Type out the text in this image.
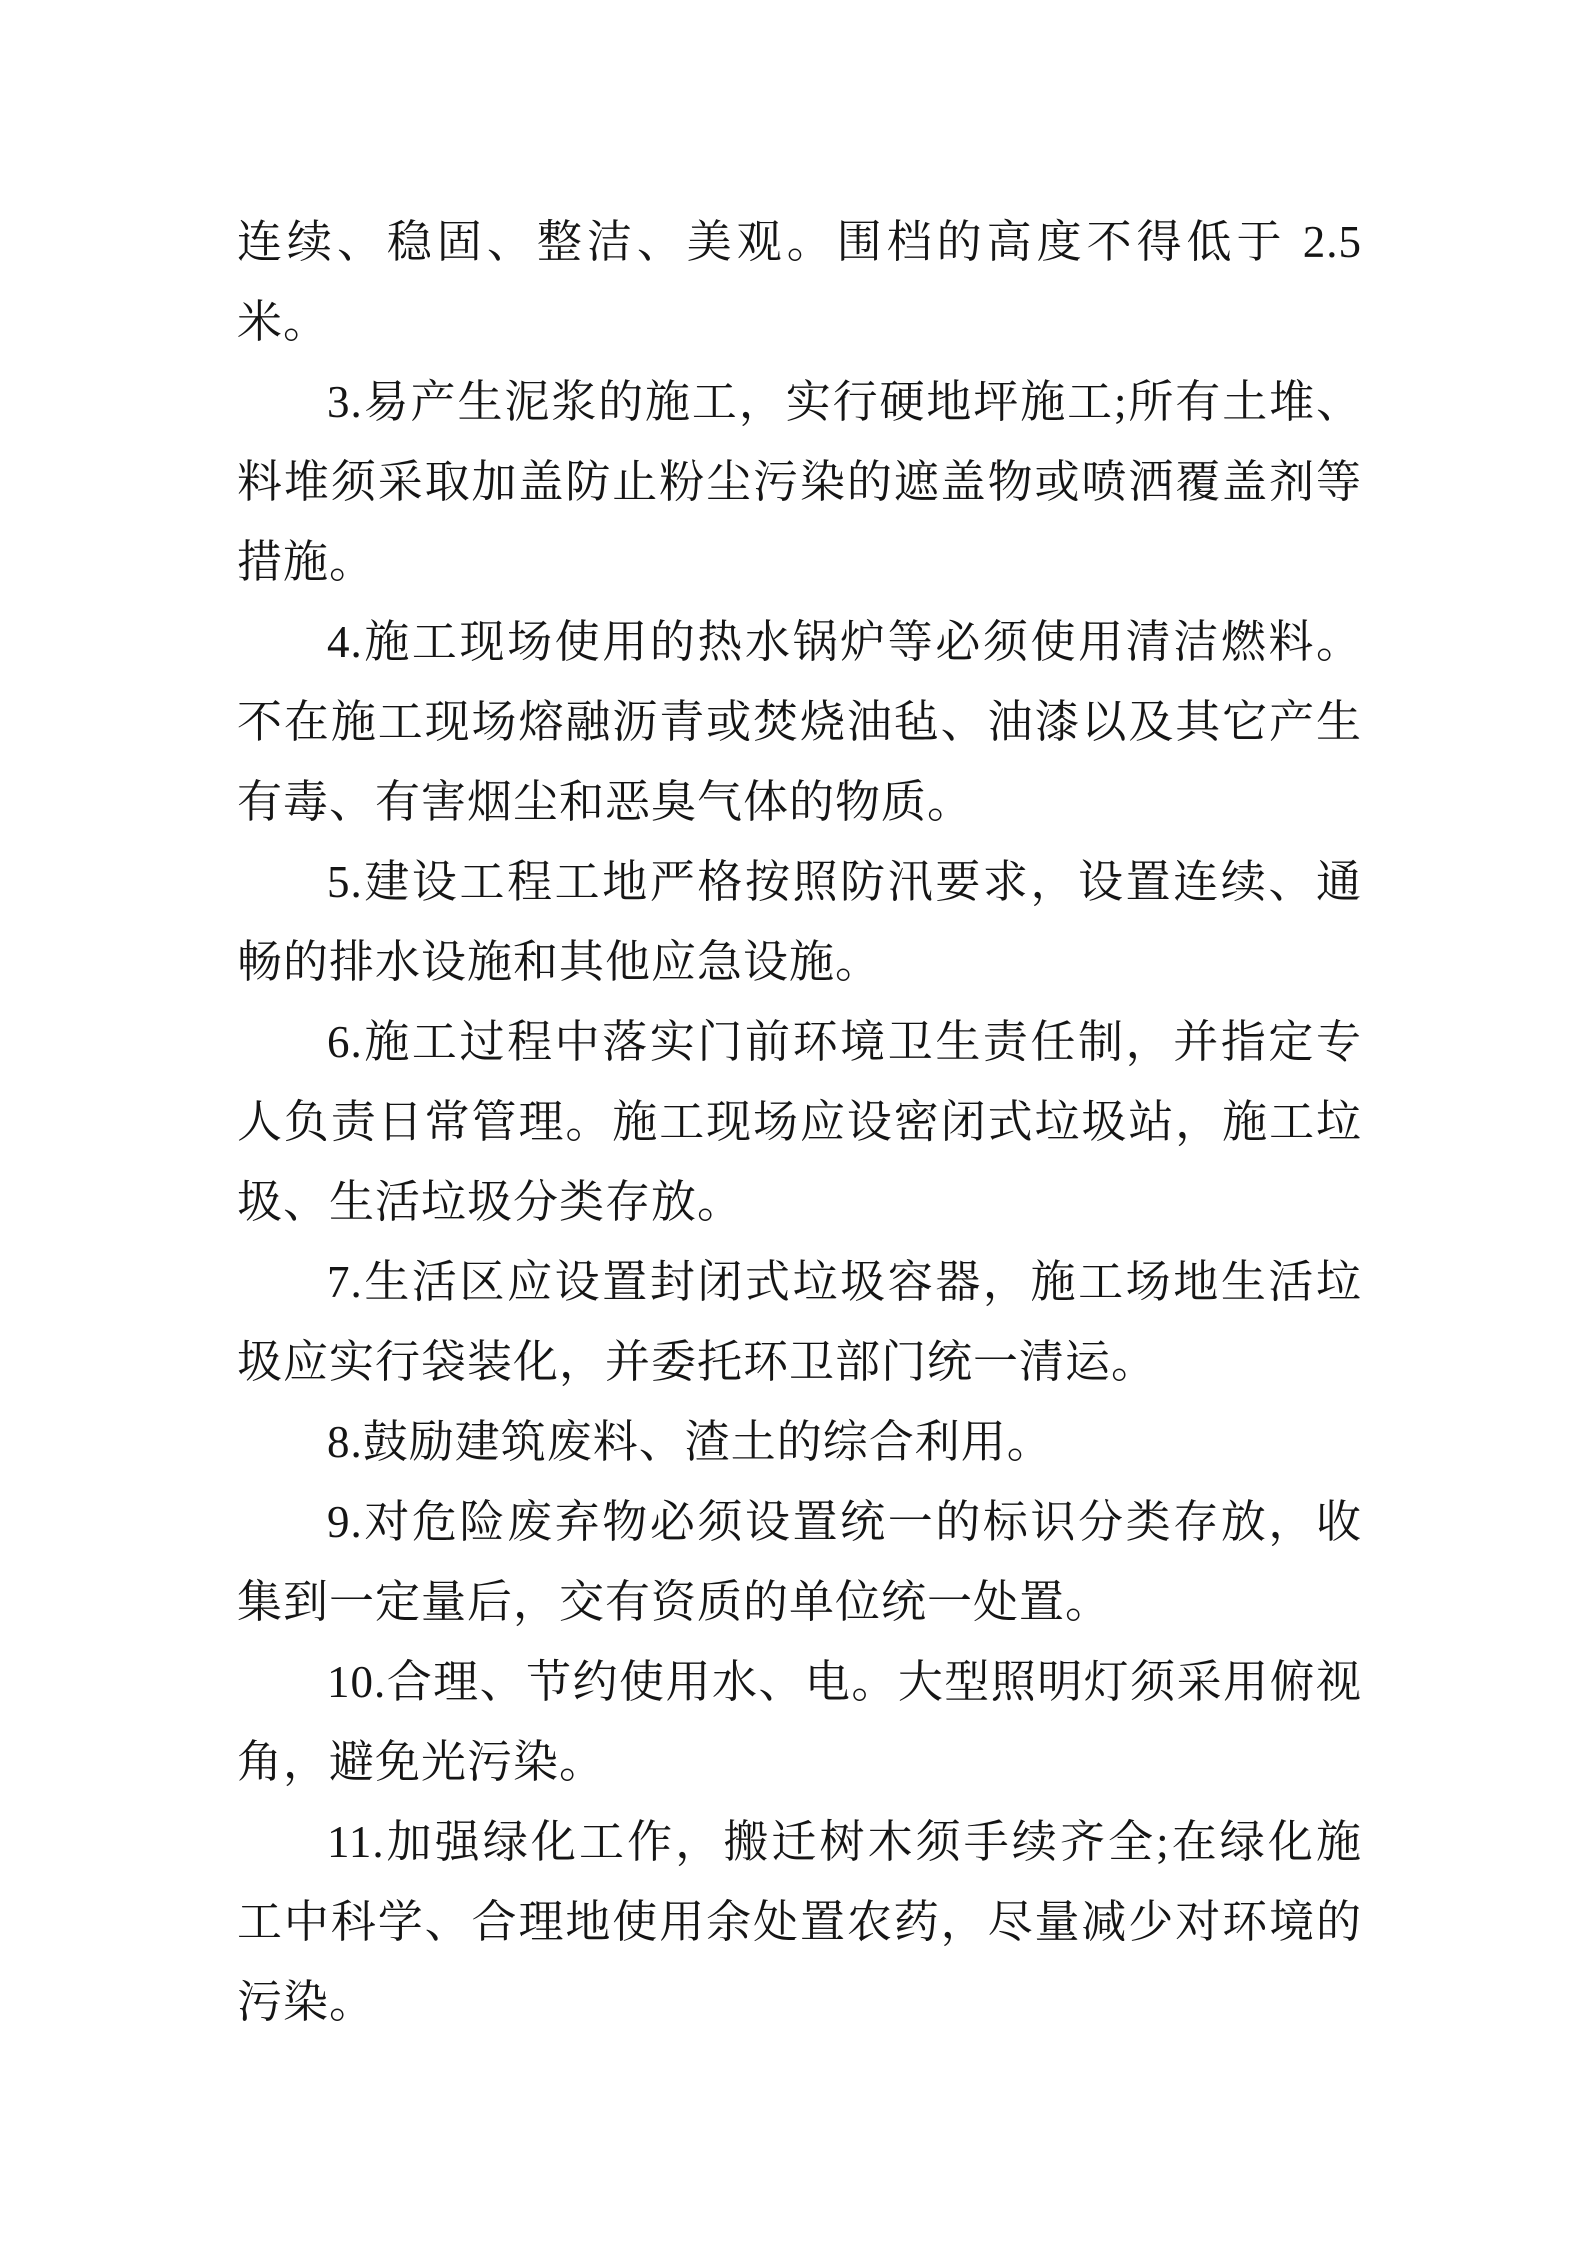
连续、稳固、整洁、美观。围档的高度不得低于 2.5 米。

3.易产生泥浆的施工，实行硬地坪施工;所有土堆、料堆须采取加盖防止粉尘污染的遮盖物或喷洒覆盖剂等措施。

4.施工现场使用的热水锅炉等必须使用清洁燃料。不在施工现场熔融沥青或焚烧油毡、油漆以及其它产生有毒、有害烟尘和恶臭气体的物质。

5.建设工程工地严格按照防汛要求，设置连续、通畅的排水设施和其他应急设施。

6.施工过程中落实门前环境卫生责任制，并指定专人负责日常管理。施工现场应设密闭式垃圾站，施工垃圾、生活垃圾分类存放。

7.生活区应设置封闭式垃圾容器，施工场地生活垃圾应实行袋装化，并委托环卫部门统一清运。

8.鼓励建筑废料、渣土的综合利用。

9.对危险废弃物必须设置统一的标识分类存放，收集到一定量后，交有资质的单位统一处置。

10.合理、节约使用水、电。大型照明灯须采用俯视角，避免光污染。

11.加强绿化工作，搬迁树木须手续齐全;在绿化施工中科学、合理地使用余处置农药，尽量减少对环境的污染。
